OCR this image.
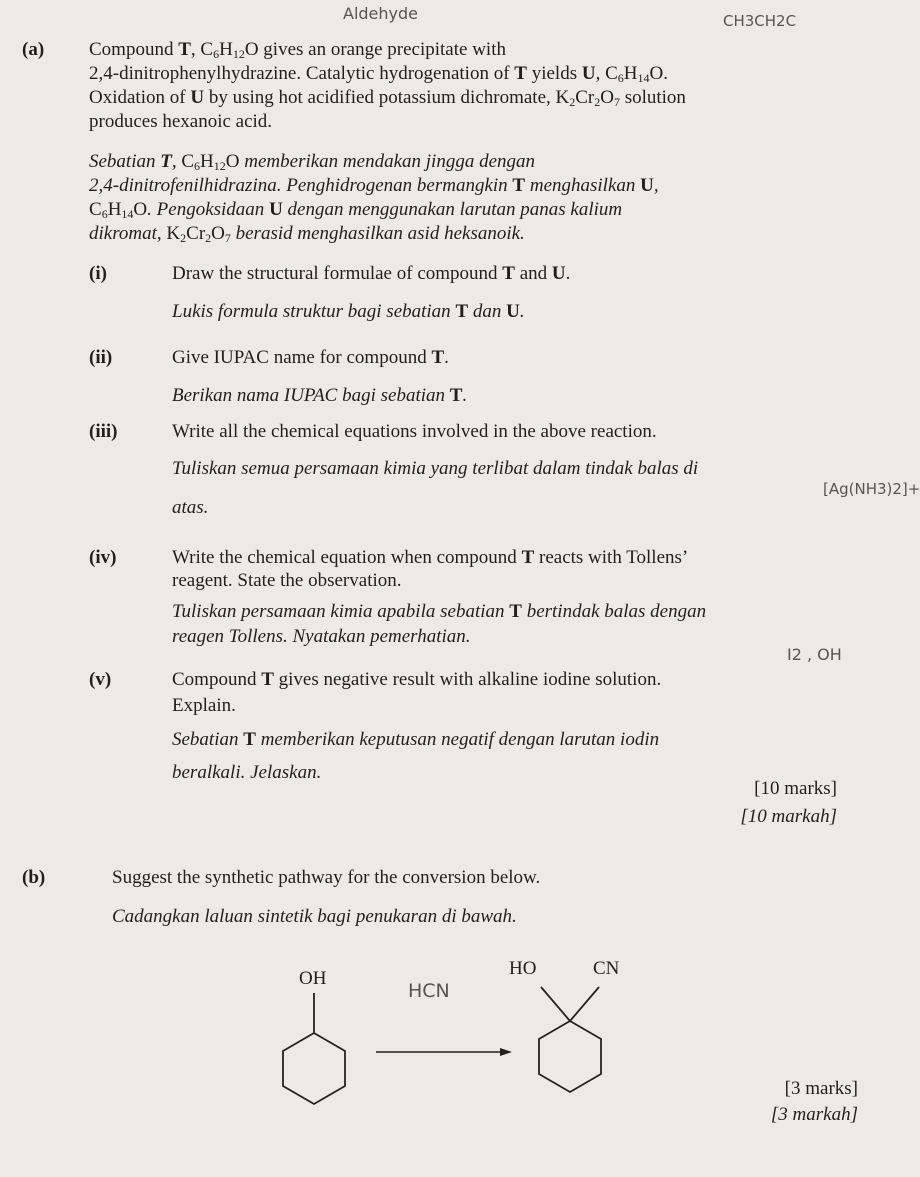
Aldehyde	CH3CH2C
(a) Compound T, $C_6H_{12}O$ gives an orange precipitate with
2,4-dinitrophenylhydrazine. Catalytic hydrogenation of T yields U, $C_6H_{14}O$.
Oxidation of U by using hot acidified potassium dichromate, $K_2Cr_2O_7$ solution
produces hexanoic acid.
Sebatian T, $C_6H_{12}O$ memberikan mendakan jingga dengan
2,4-dinitrofenilhidrazina. Penghidrogenan bermangkin T menghasilkan U,
$C_6H_{14}O$. Pengoksidaan U dengan menggunakan larutan panas kalium
dikromat, $K_2Cr_2O_7$ berasid menghasilkan asid heksanoik.
(i)	Draw the structural formulae of compound T and U.
Lukis formula struktur bagi sebatian T dan U.
(ii)	Give IUPAC name for compound T.
Berikan nama IUPAC bagi sebatian T.
(iii)	Write all the chemical equations involved in the above reaction.
Tuliskan semua persamaan kimia yang terlibat dalam tindak balas di
atas.
[Ag(NH3)2]+
(iv)	Write the chemical equation when compound T reacts with Tollens’
reagent. State the observation.
Tuliskan persamaan kimia apabila sebatian T bertindak balas dengan
reagen Tollens. Nyatakan pemerhatian.
I2 , OH
(v)	Compound T gives negative result with alkaline iodine solution.
Explain.
Sebatian T memberikan keputusan negatif dengan larutan iodin
beralkali. Jelaskan.
[10 marks]
[10 markah]
(b)	Suggest the synthetic pathway for the conversion below.
Cadangkan laluan sintetik bagi penukaran di bawah.
OH	HO	CN
HCN
[3 marks]
[3 markah]
